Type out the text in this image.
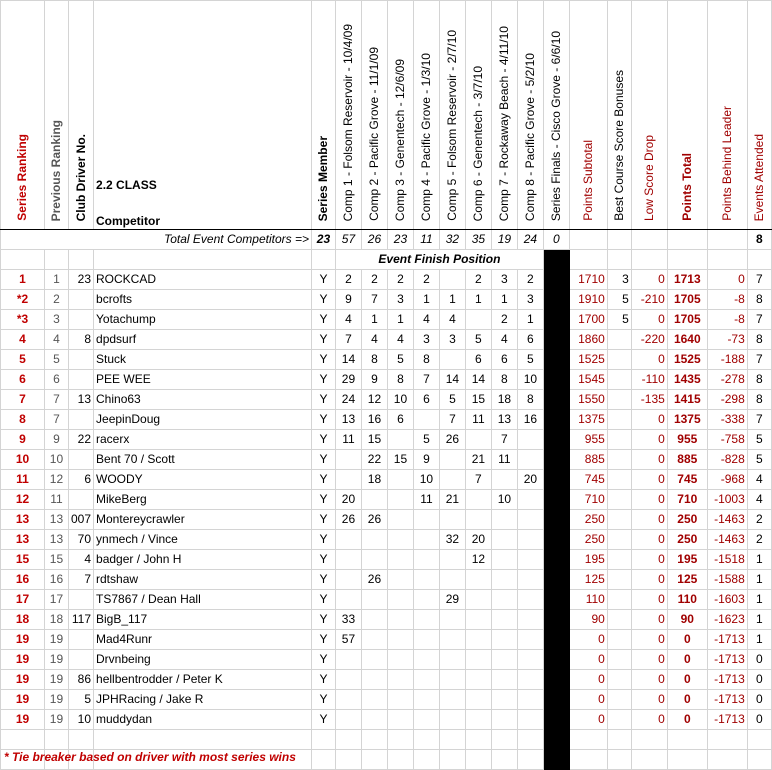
Series Ranking	Previous Ranking	Club Driver No.	2.2 CLASS
Competitor	Series Member	Comp 1 - Folsom Reservoir - 10/4/09	Comp 2 - Pacific Grove - 11/1/09	Comp 3 - Genentech - 12/6/09	Comp 4 - Pacific Grove - 1/3/10	Comp 5 - Folsom Reservoir - 2/7/10	Comp 6 - Genentech - 3/7/10	Comp 7 - Rockaway Beach - 4/11/10	Comp 8 - Pacific Grove - 5/2/10	Series Finals - Cisco Grove - 6/6/10	Points Subtotal	Best Course Score Bonuses	Low Score Drop	Points Total	Points Behind Leader	Events Attended
Total Event Competitors =>				23	57	26	23	11	32	35	19	24	0						8
					Event Finish Position														
1	1	23	ROCKCAD	Y	2	2	2	2		2	3	2		1710	3	0	1713	0	7
*2	2		bcrofts	Y	9	7	3	1	1	1	1	3		1910	5	-210	1705	-8	8
*3	3		Yotachump	Y	4	1	1	4	4		2	1		1700	5	0	1705	-8	7
4	4	8	dpdsurf	Y	7	4	4	3	3	5	4	6		1860		-220	1640	-73	8
5	5		Stuck	Y	14	8	5	8		6	6	5		1525		0	1525	-188	7
6	6		PEE WEE	Y	29	9	8	7	14	14	8	10		1545		-110	1435	-278	8
7	7	13	Chino63	Y	24	12	10	6	5	15	18	8		1550		-135	1415	-298	8
8	7		JeepinDoug	Y	13	16	6		7	11	13	16		1375		0	1375	-338	7
9	9	22	racerx	Y	11	15		5	26		7			955		0	955	-758	5
10	10		Bent 70 / Scott	Y		22	15	9		21	11			885		0	885	-828	5
11	12	6	WOODY	Y		18		10		7		20		745		0	745	-968	4
12	11		MikeBerg	Y	20			11	21		10			710		0	710	-1003	4
13	13	007	Montereycrawler	Y	26	26								250		0	250	-1463	2
13	13	70	ynmech / Vince	Y					32	20				250		0	250	-1463	2
15	15	4	badger / John H	Y						12				195		0	195	-1518	1
16	16	7	rdtshaw	Y		26								125		0	125	-1588	1
17	17		TS7867 / Dean Hall	Y					29					110		0	110	-1603	1
18	18	117	BigB_117	Y	33									90		0	90	-1623	1
19	19		Mad4Runr	Y	57									0		0	0	-1713	1
19	19		Drvnbeing	Y										0		0	0	-1713	0
19	19	86	hellbentrodder / Peter K	Y										0		0	0	-1713	0
19	19	5	JPHRacing / Jake R	Y										0		0	0	-1713	0
19	19	10	muddydan	Y										0		0	0	-1713	0

* Tie breaker based on driver with most series wins
